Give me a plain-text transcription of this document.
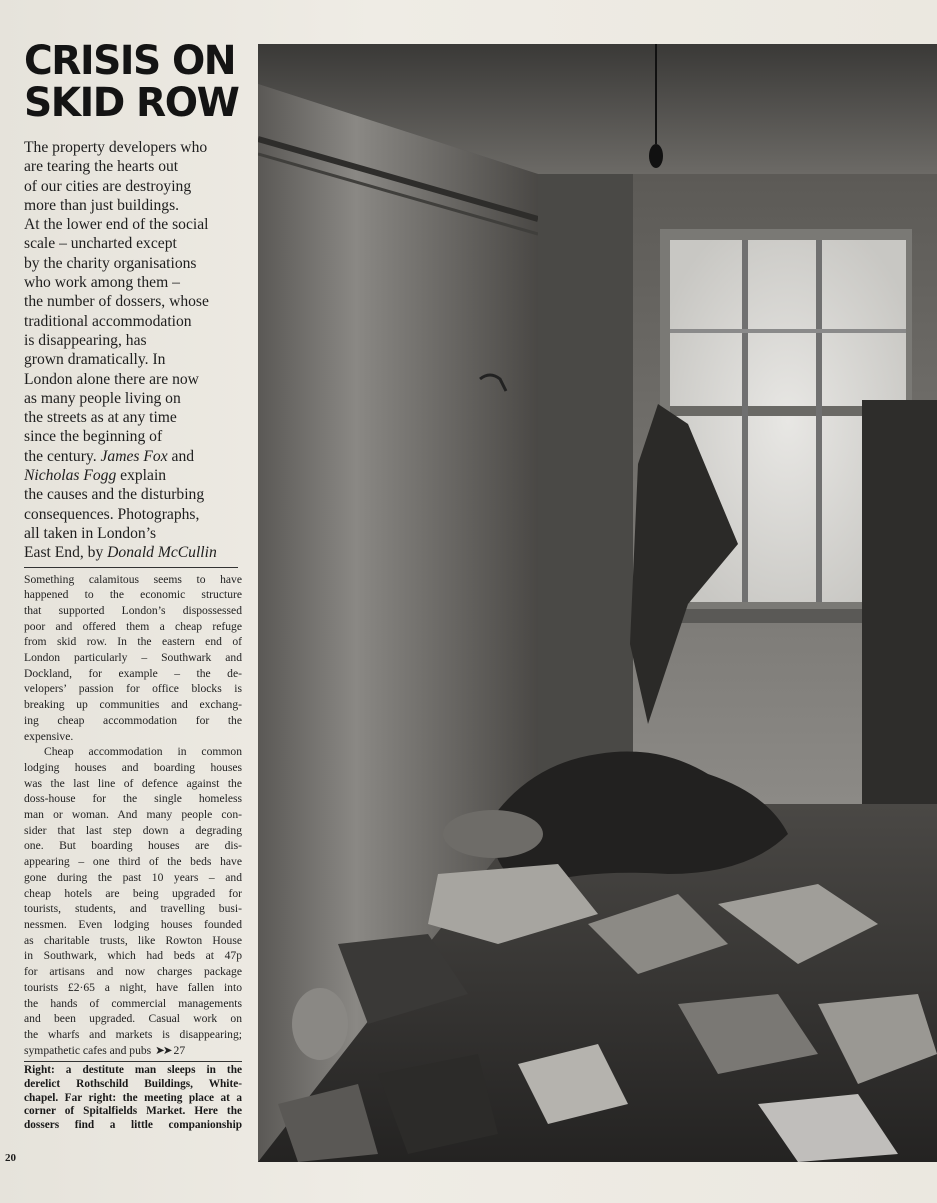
CRISIS ON
SKID ROW
The property developers who
are tearing the hearts out
of our cities are destroying
more than just buildings.
At the lower end of the social
scale – uncharted except
by the charity organisations
who work among them –
the number of dossers, whose
traditional accommodation
is disappearing, has
grown dramatically. In
London alone there are now
as many people living on
the streets as at any time
since the beginning of
the century. James Fox and
Nicholas Fogg explain
the causes and the disturbing
consequences. Photographs,
all taken in London’s
East End, by Donald McCullin
Something calamitous seems to have
happened to the economic structure
that supported London’s dispossessed
poor and offered them a cheap refuge
from skid row. In the eastern end of
London particularly – Southwark and
Dockland, for example – the de-
velopers’ passion for office blocks is
breaking up communities and exchang-
ing cheap accommodation for the
expensive.
Cheap accommodation in common
lodging houses and boarding houses
was the last line of defence against the
doss-house for the single homeless
man or woman. And many people con-
sider that last step down a degrading
one. But boarding houses are dis-
appearing – one third of the beds have
gone during the past 10 years – and
cheap hotels are being upgraded for
tourists, students, and travelling busi-
nessmen. Even lodging houses founded
as charitable trusts, like Rowton House
in Southwark, which had beds at 47p
for artisans and now charges package
tourists £2·65 a night, have fallen into
the hands of commercial managements
and been upgraded. Casual work on
the wharfs and markets is disappearing;
sympathetic cafes and pubs ➤➤ 27
Right: a destitute man sleeps in the
derelict Rothschild Buildings, White-
chapel. Far right: the meeting place at a
corner of Spitalfields Market. Here the
dossers find a little companionship
20
